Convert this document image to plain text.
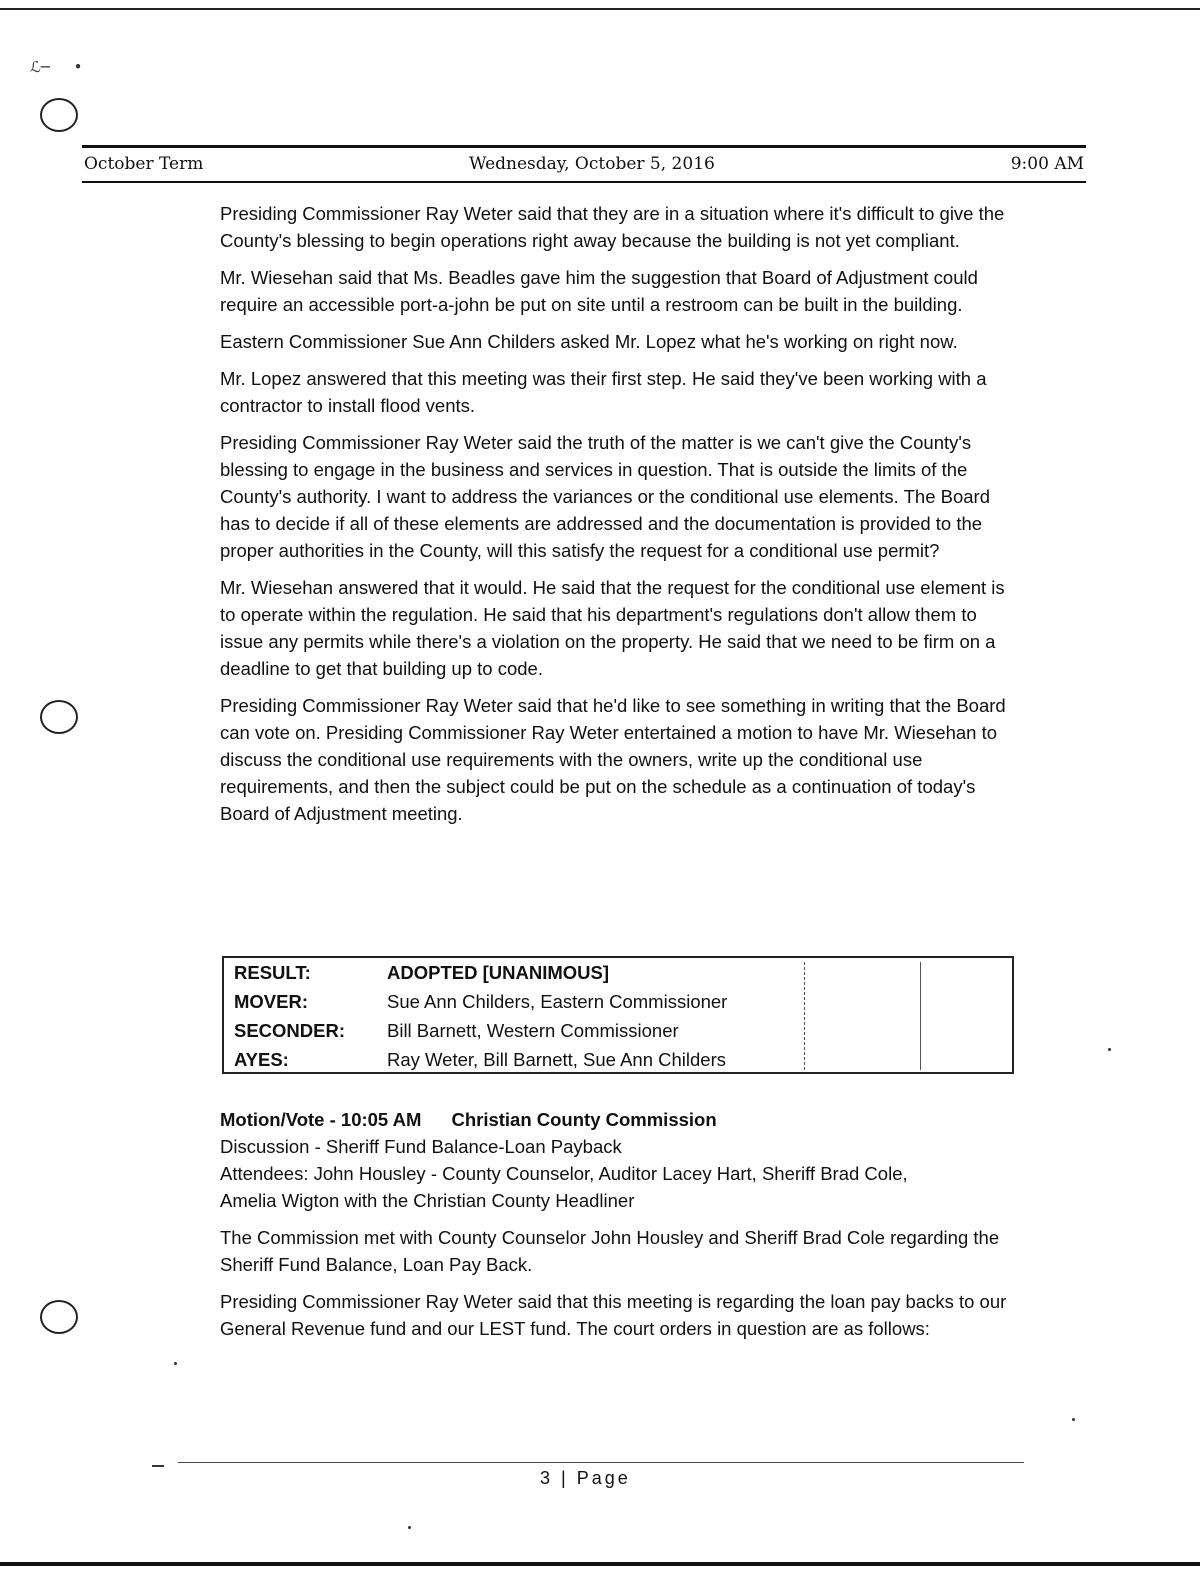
ℒ─     •
October Term	Wednesday, October 5, 2016	9:00 AM

Presiding Commissioner Ray Weter said that they are in a situation where it's difficult to give the County's blessing to begin operations right away because the building is not yet compliant.

Mr. Wiesehan said that Ms. Beadles gave him the suggestion that Board of Adjustment could require an accessible port-a-john be put on site until a restroom can be built in the building.

Eastern Commissioner Sue Ann Childers asked Mr. Lopez what he's working on right now.

Mr. Lopez answered that this meeting was their first step. He said they've been working with a contractor to install flood vents.

Presiding Commissioner Ray Weter said the truth of the matter is we can't give the County's blessing to engage in the business and services in question. That is outside the limits of the County's authority. I want to address the variances or the conditional use elements. The Board has to decide if all of these elements are addressed and the documentation is provided to the proper authorities in the County, will this satisfy the request for a conditional use permit?

Mr. Wiesehan answered that it would. He said that the request for the conditional use element is to operate within the regulation. He said that his department's regulations don't allow them to issue any permits while there's a violation on the property. He said that we need to be firm on a deadline to get that building up to code.

Presiding Commissioner Ray Weter said that he'd like to see something in writing that the Board can vote on. Presiding Commissioner Ray Weter entertained a motion to have Mr. Wiesehan to discuss the conditional use requirements with the owners, write up the conditional use requirements, and then the subject could be put on the schedule as a continuation of today's Board of Adjustment meeting.

RESULT:	ADOPTED [UNANIMOUS]
MOVER:	Sue Ann Childers, Eastern Commissioner
SECONDER: Bill Barnett, Western Commissioner
AYES:	Ray Weter, Bill Barnett, Sue Ann Childers
Motion/Vote - 10:05 AM Christian County Commission
Discussion - Sheriff Fund Balance-Loan Payback
Attendees: John Housley - County Counselor, Auditor Lacey Hart, Sheriff Brad Cole,
Amelia Wigton with the Christian County Headliner

The Commission met with County Counselor John Housley and Sheriff Brad Cole regarding the Sheriff Fund Balance, Loan Pay Back.

Presiding Commissioner Ray Weter said that this meeting is regarding the loan pay backs to our General Revenue fund and our LEST fund. The court orders in question are as follows:

3 | Page
